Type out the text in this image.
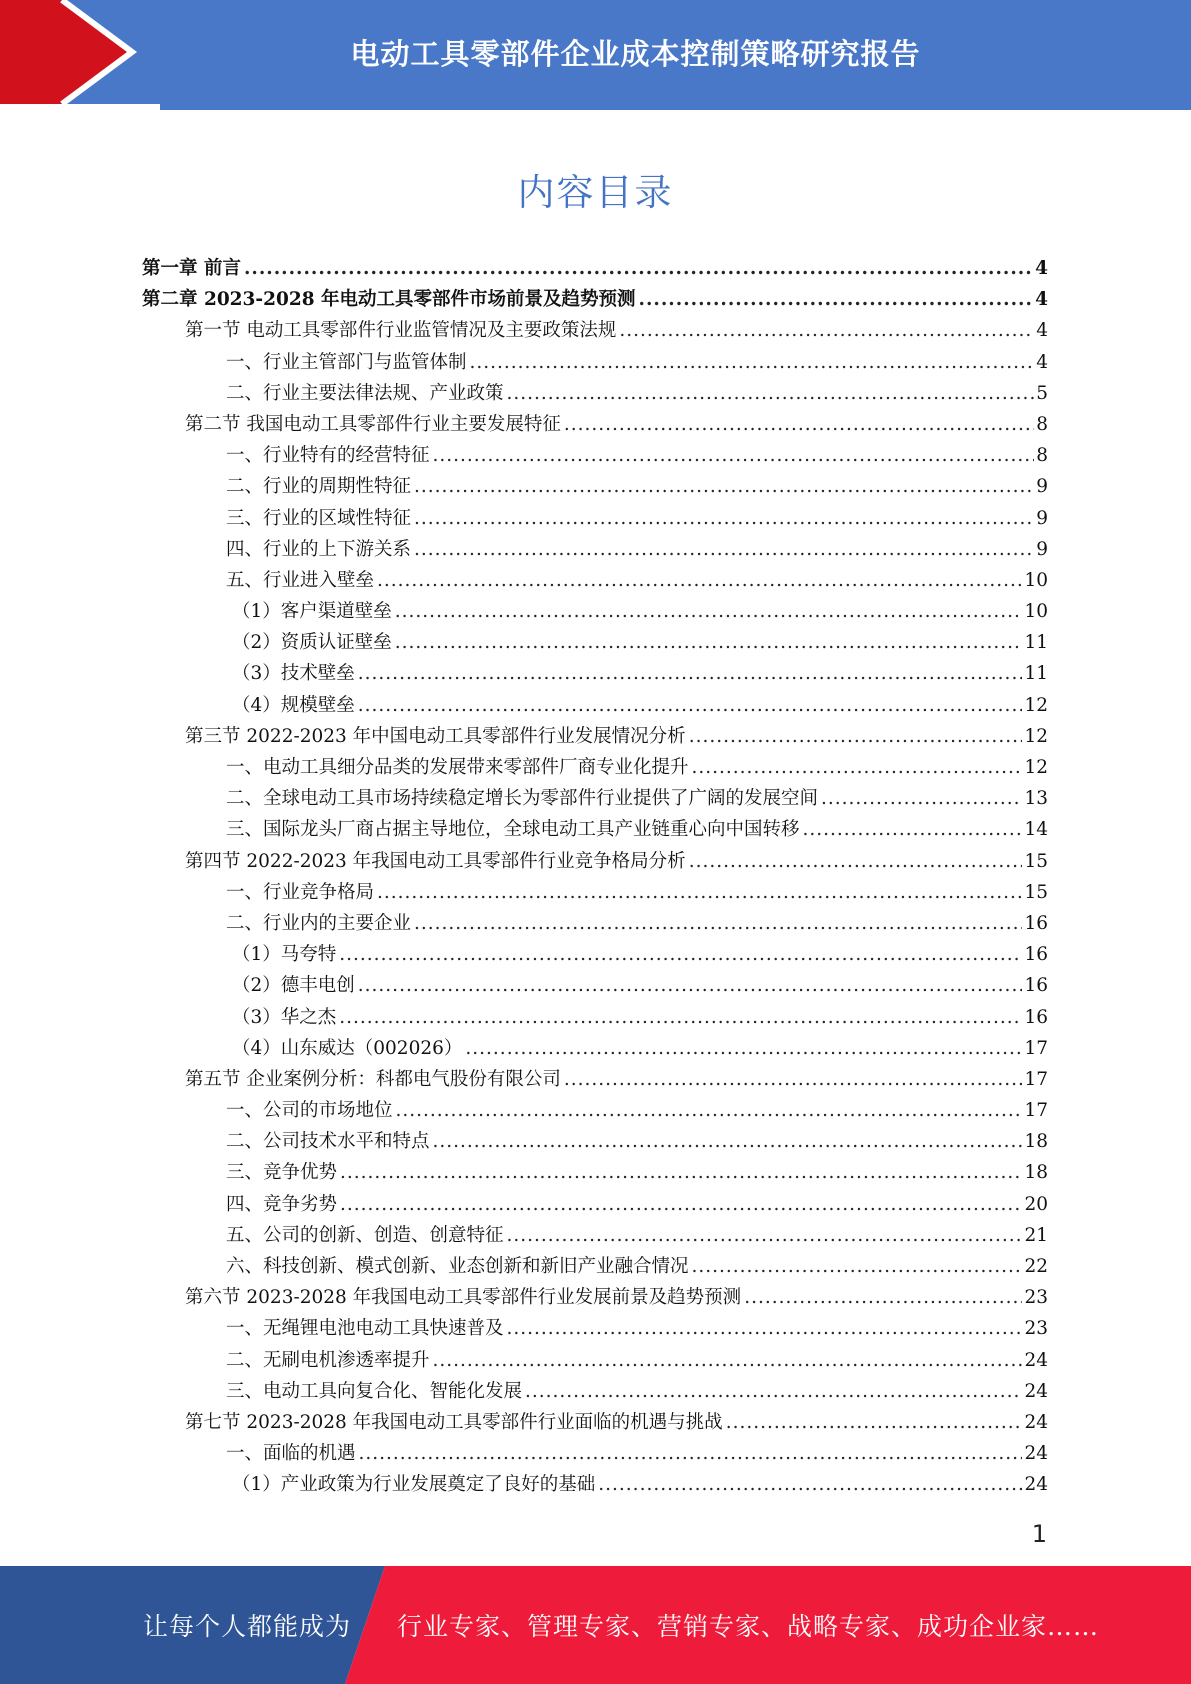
电动工具零部件企业成本控制策略研究报告
内容目录
第一章 前言 .....	4
第二章 2023-2028 年电动工具零部件市场前景及趋势预测 .....	4
第一节 电动工具零部件行业监管情况及主要政策法规 .....	4
一、行业主管部门与监管体制 .....	4
二、行业主要法律法规、产业政策 .....	5
第二节 我国电动工具零部件行业主要发展特征 .....	8
一、行业特有的经营特征 .....	8
二、行业的周期性特征 .....	9
三、行业的区域性特征 .....	9
四、行业的上下游关系 .....	9
五、行业进入壁垒 .....	10
（1）客户渠道壁垒 .....	10
（2）资质认证壁垒 .....	11
（3）技术壁垒 .....	11
（4）规模壁垒 .....	12
第三节 2022-2023 年中国电动工具零部件行业发展情况分析 .....	12
一、电动工具细分品类的发展带来零部件厂商专业化提升 .....	12
二、全球电动工具市场持续稳定增长为零部件行业提供了广阔的发展空间 .....	13
三、国际龙头厂商占据主导地位，全球电动工具产业链重心向中国转移 .....	14
第四节 2022-2023 年我国电动工具零部件行业竞争格局分析 .....	15
一、行业竞争格局 .....	15
二、行业内的主要企业 .....	16
（1）马夸特 .....	16
（2）德丰电创 .....	16
（3）华之杰 .....	16
（4）山东威达（002026） .....	17
第五节 企业案例分析：科都电气股份有限公司 .....	17
一、公司的市场地位 .....	17
二、公司技术水平和特点 .....	18
三、竞争优势 .....	18
四、竞争劣势 .....	20
五、公司的创新、创造、创意特征 .....	21
六、科技创新、模式创新、业态创新和新旧产业融合情况 .....	22
第六节 2023-2028 年我国电动工具零部件行业发展前景及趋势预测 .....	23
一、无绳锂电池电动工具快速普及 .....	23
二、无刷电机渗透率提升 .....	24
三、电动工具向复合化、智能化发展 .....	24
第七节 2023-2028 年我国电动工具零部件行业面临的机遇与挑战 .....	24
一、面临的机遇 .....	24
（1）产业政策为行业发展奠定了良好的基础 .....	24
1
让每个人都能成为 行业专家、管理专家、营销专家、战略专家、成功企业家……
